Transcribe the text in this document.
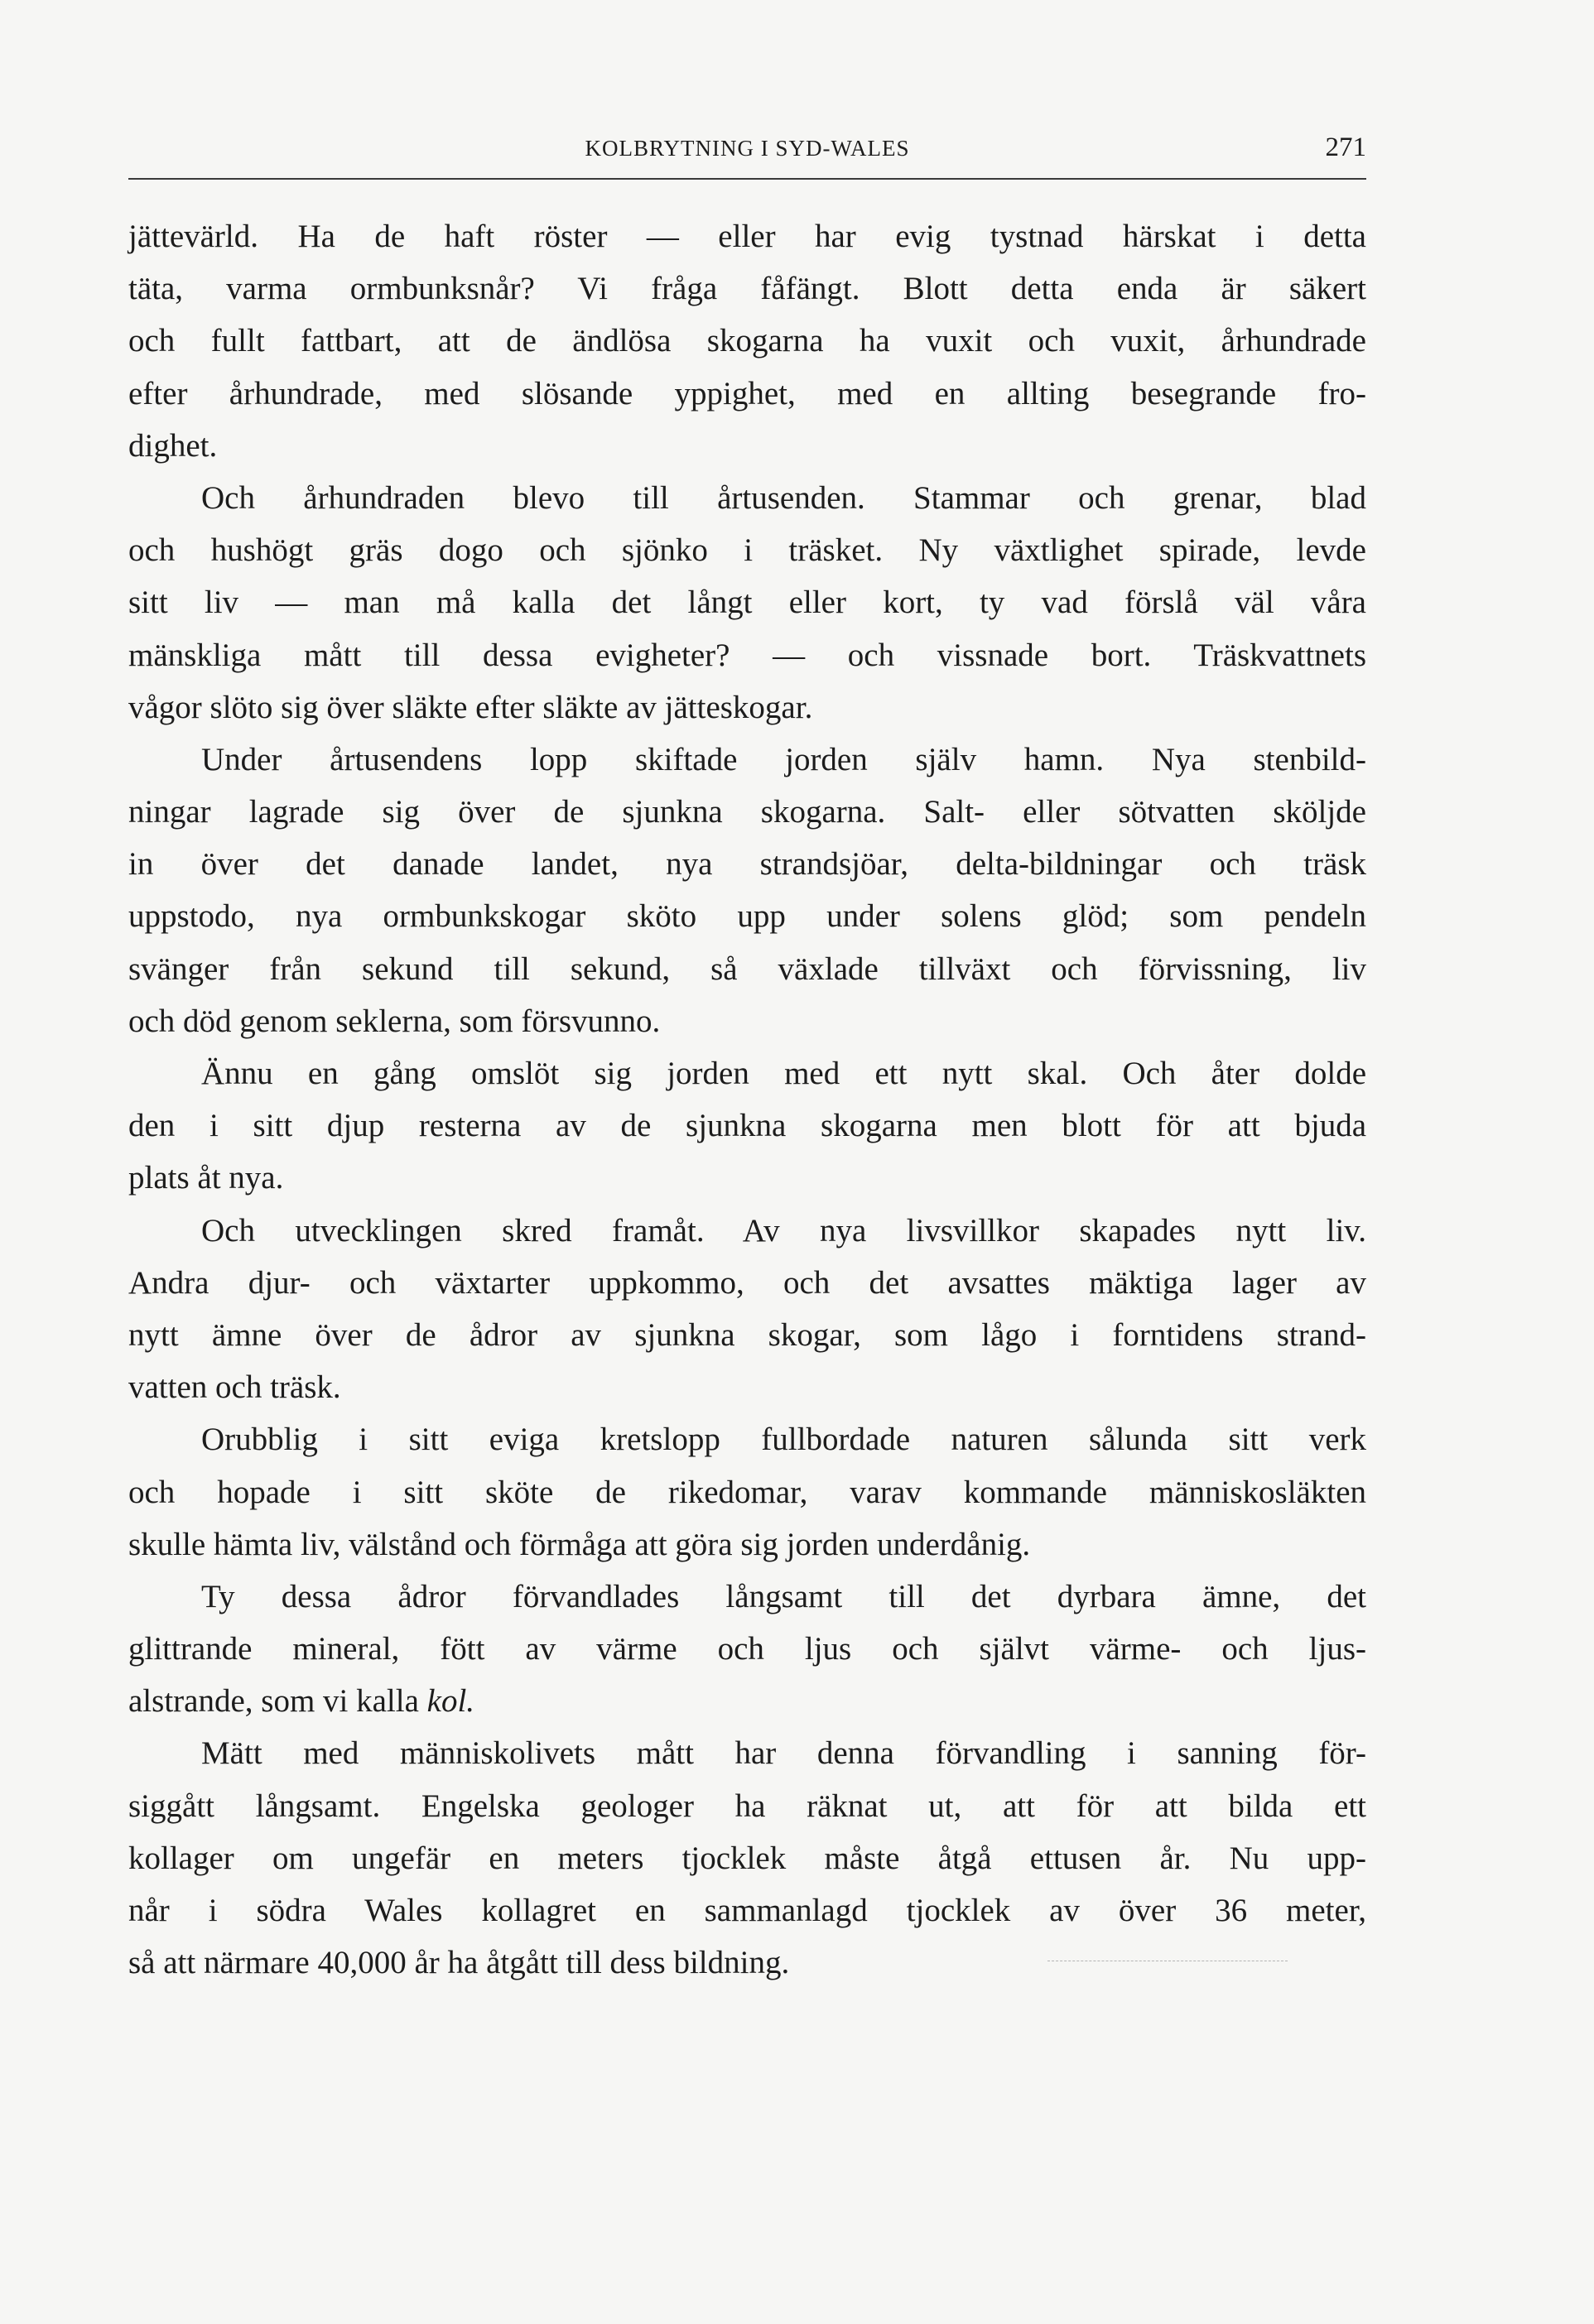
KOLBRYTNING I SYD-WALES	271
jättevärld. Ha de haft röster — eller har evig tystnad härskat i detta
täta, varma ormbunksnår? Vi fråga fåfängt. Blott detta enda är säkert
och fullt fattbart, att de ändlösa skogarna ha vuxit och vuxit, århundrade
efter århundrade, med slösande yppighet, med en allting besegrande fro-
dighet.
Och århundraden blevo till årtusenden. Stammar och grenar, blad
och hushögt gräs dogo och sjönko i träsket. Ny växtlighet spirade, levde
sitt liv — man må kalla det långt eller kort, ty vad förslå väl våra
mänskliga mått till dessa evigheter? — och vissnade bort. Träskvattnets
vågor slöto sig över släkte efter släkte av jätteskogar.
Under årtusendens lopp skiftade jorden själv hamn. Nya stenbild-
ningar lagrade sig över de sjunkna skogarna. Salt- eller sötvatten sköljde
in över det danade landet, nya strandsjöar, delta-bildningar och träsk
uppstodo, nya ormbunkskogar sköto upp under solens glöd; som pendeln
svänger från sekund till sekund, så växlade tillväxt och förvissning, liv
och död genom seklerna, som försvunno.
Ännu en gång omslöt sig jorden med ett nytt skal. Och åter dolde
den i sitt djup resterna av de sjunkna skogarna men blott för att bjuda
plats åt nya.
Och utvecklingen skred framåt. Av nya livsvillkor skapades nytt liv.
Andra djur- och växtarter uppkommo, och det avsattes mäktiga lager av
nytt ämne över de ådror av sjunkna skogar, som lågo i forntidens strand-
vatten och träsk.
Orubblig i sitt eviga kretslopp fullbordade naturen sålunda sitt verk
och hopade i sitt sköte de rikedomar, varav kommande människosläkten
skulle hämta liv, välstånd och förmåga att göra sig jorden underdånig.
Ty dessa ådror förvandlades långsamt till det dyrbara ämne, det
glittrande mineral, fött av värme och ljus och självt värme- och ljus-
alstrande, som vi kalla kol.
Mätt med människolivets mått har denna förvandling i sanning för-
siggått långsamt. Engelska geologer ha räknat ut, att för att bilda ett
kollager om ungefär en meters tjocklek måste åtgå ettusen år. Nu upp-
når i södra Wales kollagret en sammanlagd tjocklek av över 36 meter,
så att närmare 40,000 år ha åtgått till dess bildning.
